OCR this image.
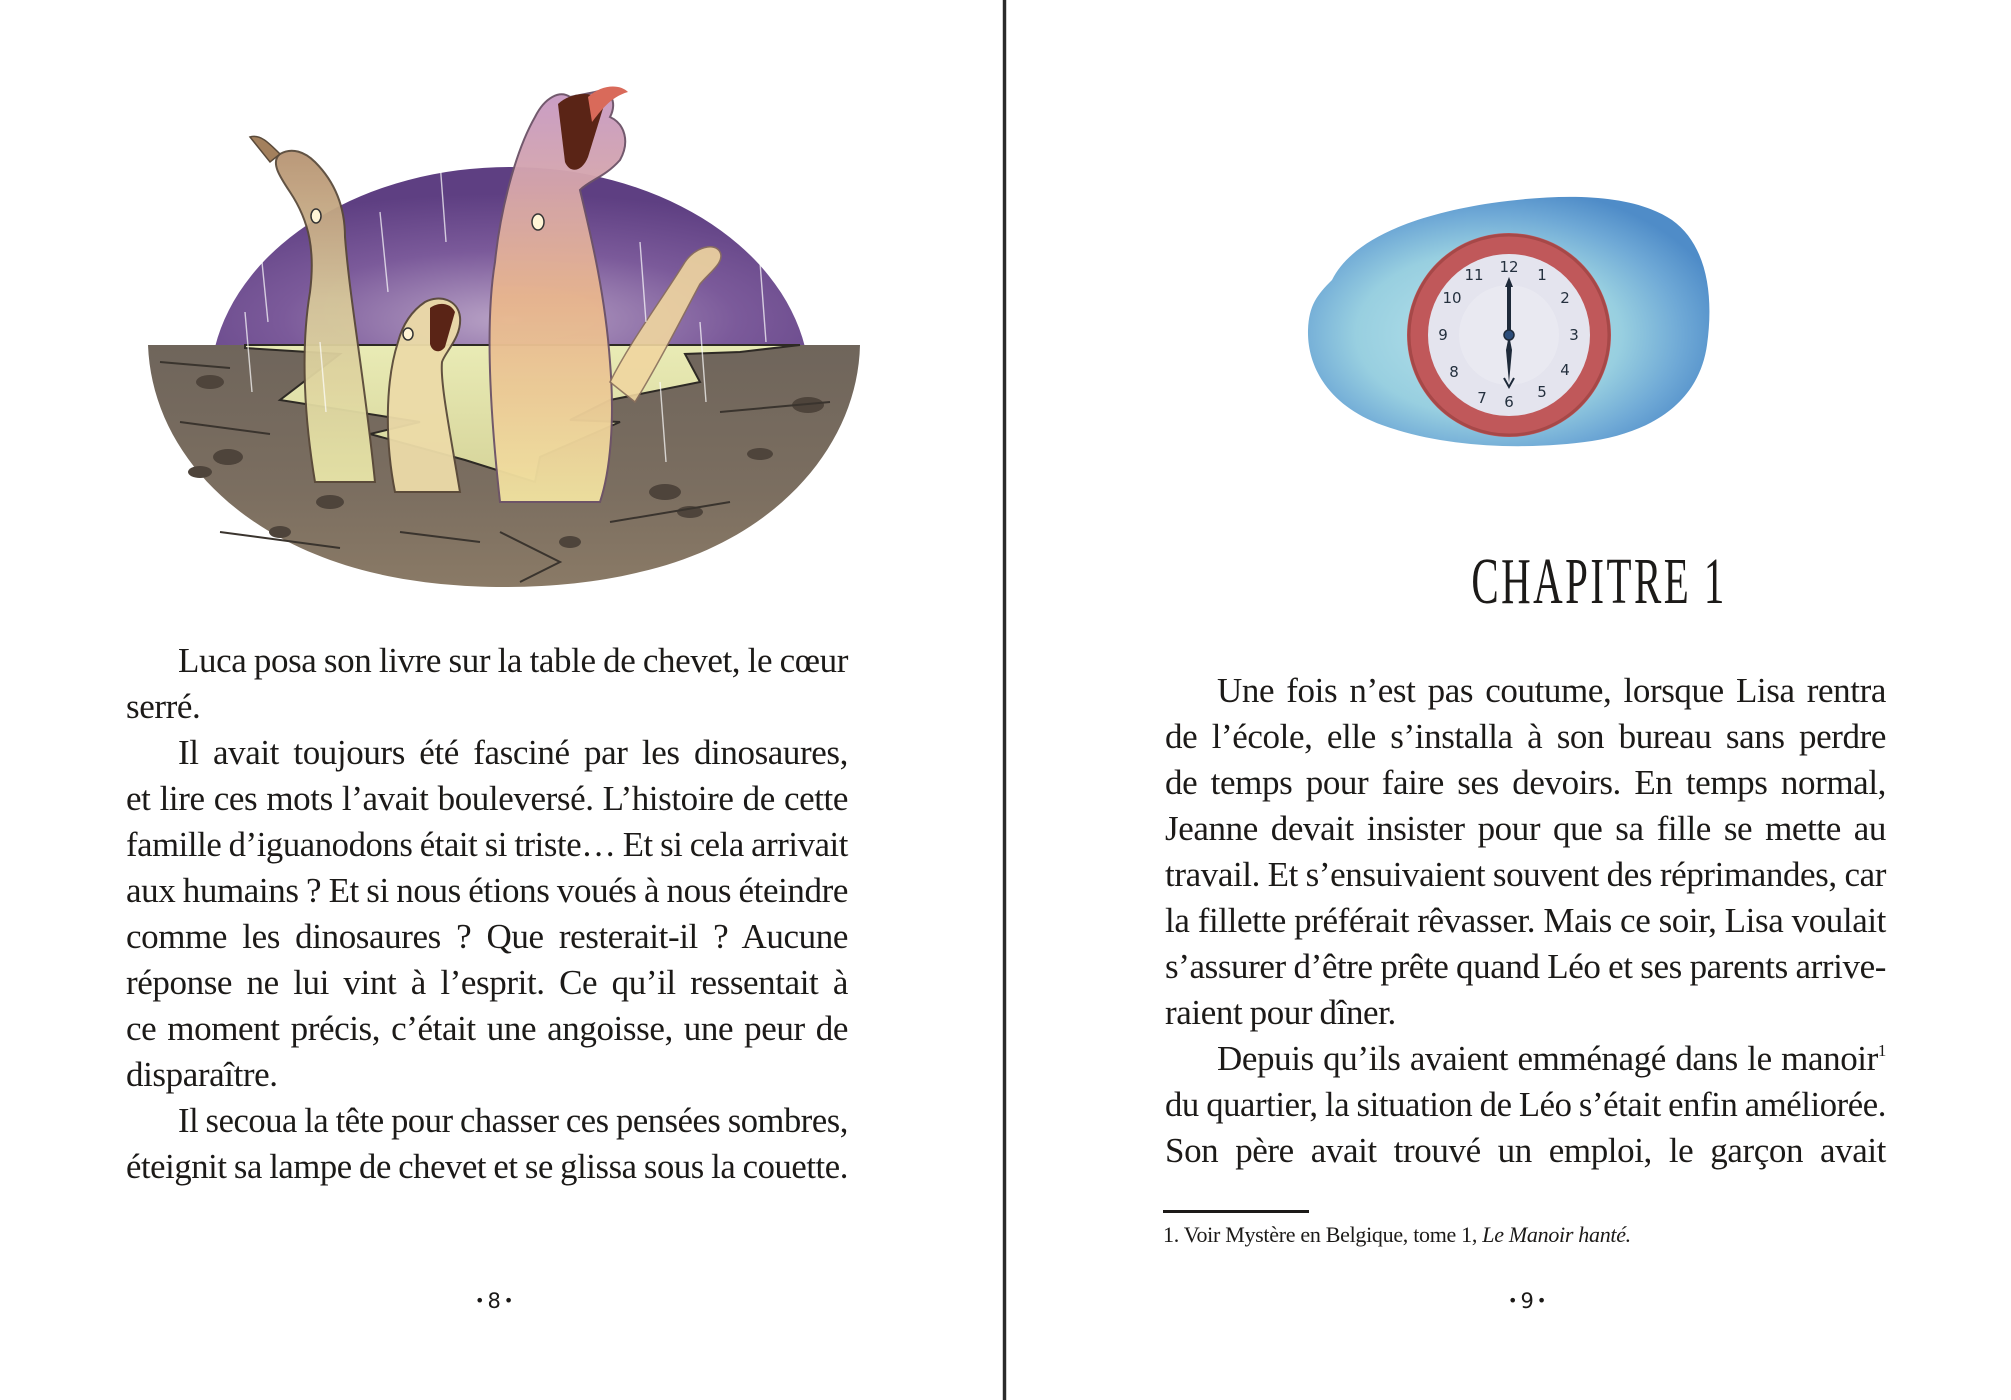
Luca posa son livre sur la table de chevet, le cœur
serré.
Il avait toujours été fasciné par les dinosaures,
et lire ces mots l’avait bouleversé. L’histoire de cette
famille d’iguanodons était si triste… Et si cela arrivait
aux humains ? Et si nous étions voués à nous éteindre
comme les dinosaures ? Que resterait-il ? Aucune
réponse ne lui vint à l’esprit. Ce qu’il ressentait à
ce moment précis, c’était une angoisse, une peur de
disparaître.
Il secoua la tête pour chasser ces pensées sombres,
éteignit sa lampe de chevet et se glissa sous la couette.
• 8 •
12 1
2
3
4
5
6
7
8
9
10
11
CHAPITRE 1
Une fois n’est pas coutume, lorsque Lisa rentra
de l’école, elle s’installa à son bureau sans perdre
de temps pour faire ses devoirs. En temps normal,
Jeanne devait insister pour que sa fille se mette au
travail. Et s’ensuivaient souvent des réprimandes, car
la fillette préférait rêvasser. Mais ce soir, Lisa voulait
s’assurer d’être prête quand Léo et ses parents arrive-
raient pour dîner.
Depuis qu’ils avaient emménagé dans le manoir$^1$
du quartier, la situation de Léo s’était enfin améliorée.
Son père avait trouvé un emploi, le garçon avait
1. Voir Mystère en Belgique, tome 1, Le Manoir hanté.
• 9 •
